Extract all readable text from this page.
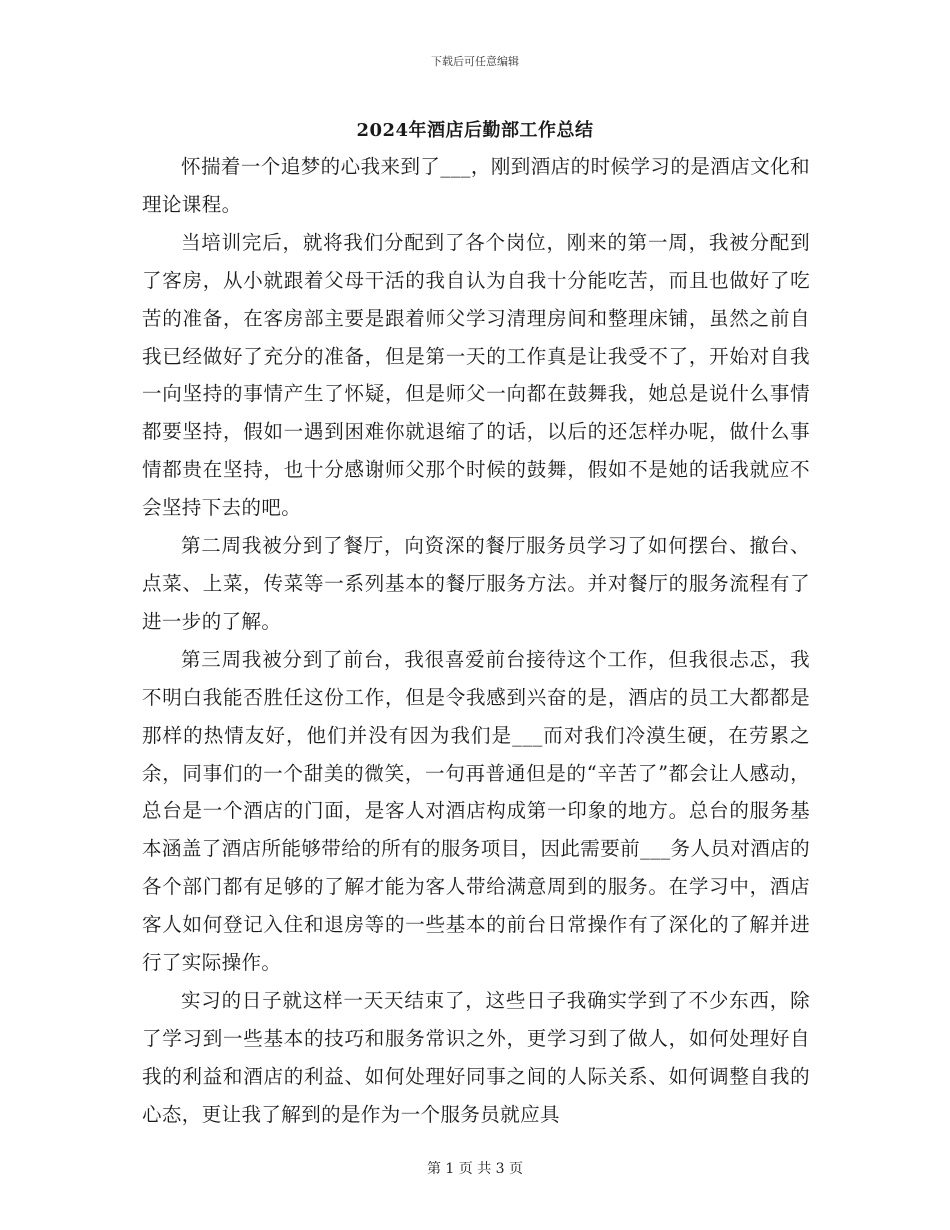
下载后可任意编辑
2024年酒店后勤部工作总结

怀揣着一个追梦的心我来到了___，刚到酒店的时候学习的是酒店文化和理论课程。

当培训完后，就将我们分配到了各个岗位，刚来的第一周，我被分配到了客房，从小就跟着父母干活的我自认为自我十分能吃苦，而且也做好了吃苦的准备，在客房部主要是跟着师父学习清理房间和整理床铺，虽然之前自我已经做好了充分的准备，但是第一天的工作真是让我受不了，开始对自我一向坚持的事情产生了怀疑，但是师父一向都在鼓舞我，她总是说什么事情都要坚持，假如一遇到困难你就退缩了的话，以后的还怎样办呢，做什么事情都贵在坚持，也十分感谢师父那个时候的鼓舞，假如不是她的话我就应不会坚持下去的吧。

第二周我被分到了餐厅，向资深的餐厅服务员学习了如何摆台、撤台、点菜、上菜，传菜等一系列基本的餐厅服务方法。并对餐厅的服务流程有了进一步的了解。

第三周我被分到了前台，我很喜爱前台接待这个工作，但我很忐忑，我不明白我能否胜任这份工作，但是令我感到兴奋的是，酒店的员工大都都是那样的热情友好，他们并没有因为我们是___而对我们冷漠生硬，在劳累之余，同事们的一个甜美的微笑，一句再普通但是的“辛苦了”都会让人感动，总台是一个酒店的门面，是客人对酒店构成第一印象的地方。总台的服务基本涵盖了酒店所能够带给的所有的服务项目，因此需要前___务人员对酒店的各个部门都有足够的了解才能为客人带给满意周到的服务。在学习中，酒店客人如何登记入住和退房等的一些基本的前台日常操作有了深化的了解并进行了实际操作。

实习的日子就这样一天天结束了，这些日子我确实学到了不少东西，除了学习到一些基本的技巧和服务常识之外，更学习到了做人，如何处理好自我的利益和酒店的利益、如何处理好同事之间的人际关系、如何调整自我的心态，更让我了解到的是作为一个服务员就应具

第 1 页 共 3 页
